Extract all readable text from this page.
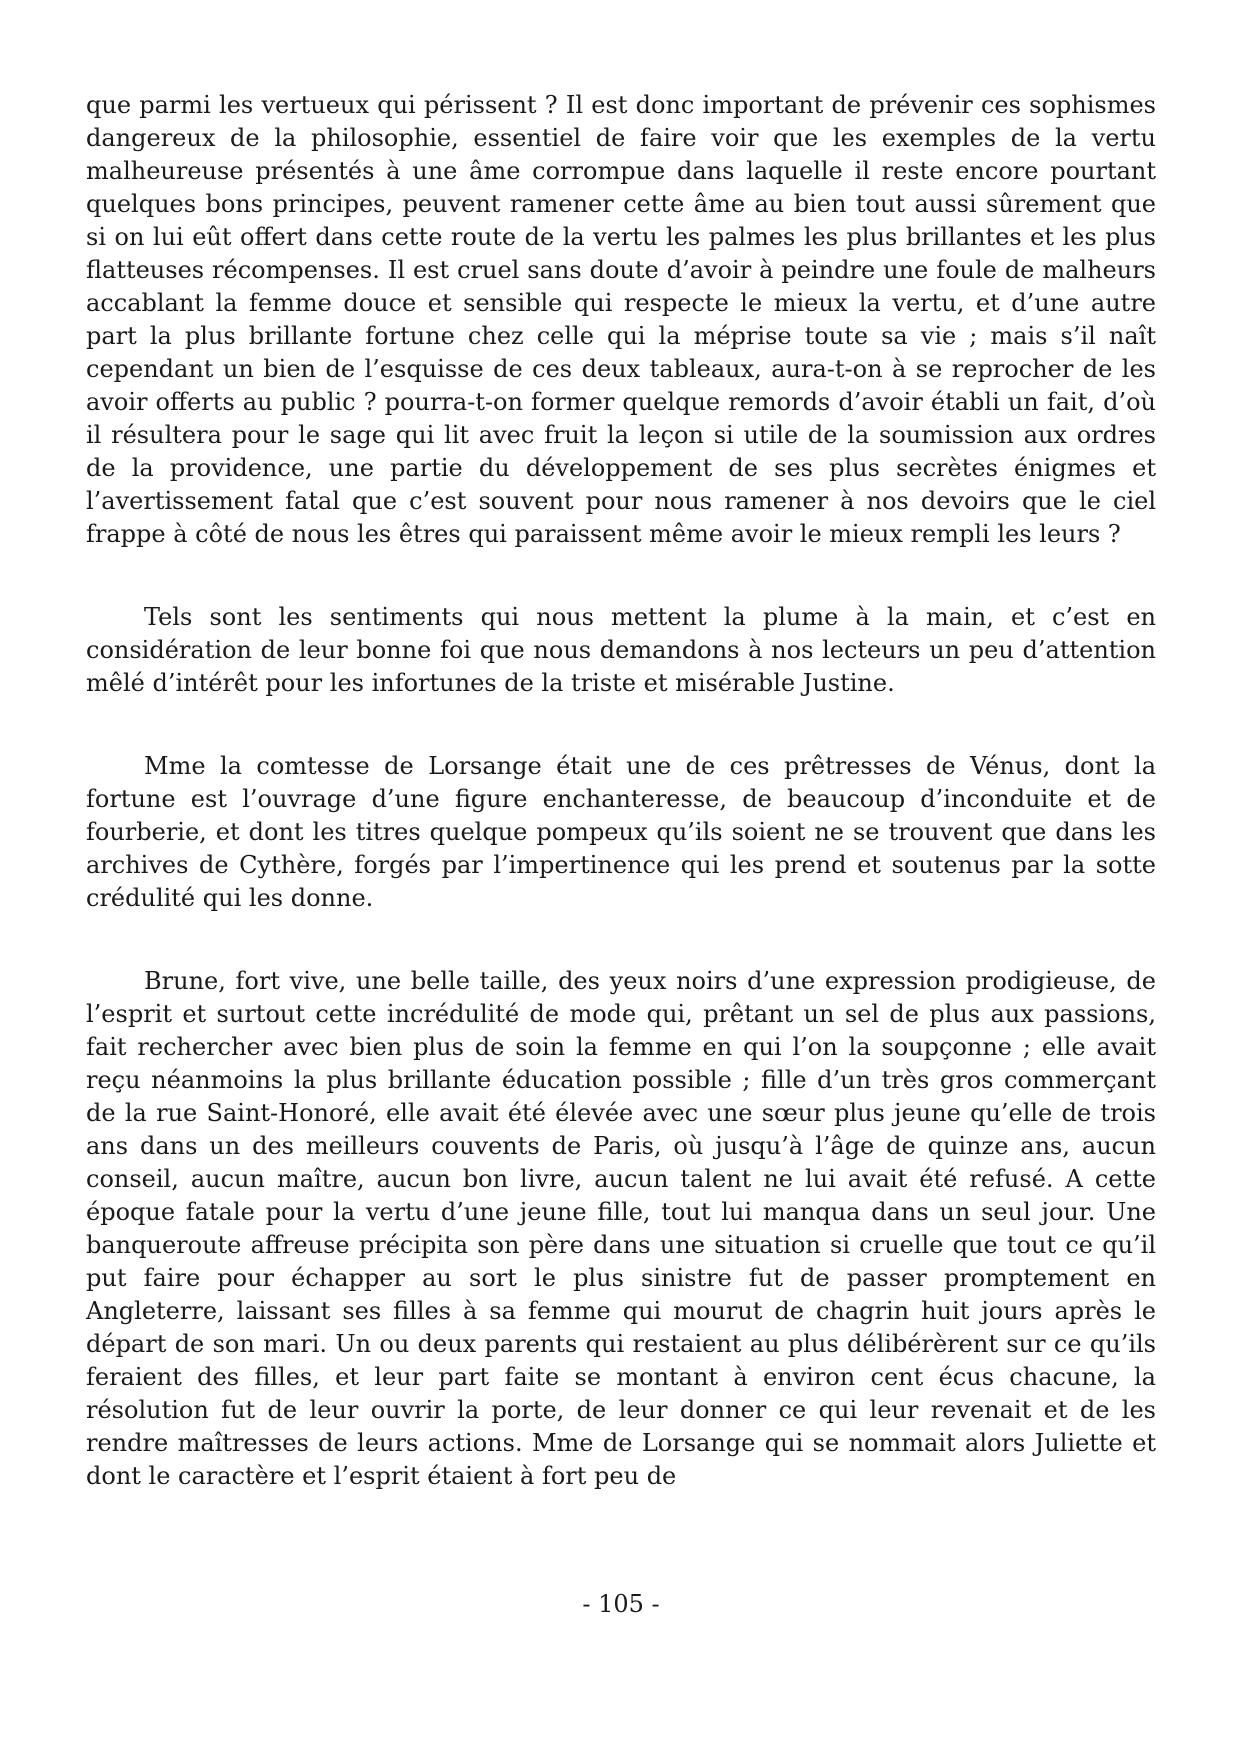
que parmi les vertueux qui périssent ? Il est donc important de prévenir ces sophismes dangereux de la philosophie, essentiel de faire voir que les exemples de la vertu malheureuse présentés à une âme corrompue dans laquelle il reste encore pourtant quelques bons principes, peuvent ramener cette âme au bien tout aussi sûrement que si on lui eût offert dans cette route de la vertu les palmes les plus brillantes et les plus flatteuses récompenses. Il est cruel sans doute d’avoir à peindre une foule de malheurs accablant la femme douce et sensible qui respecte le mieux la vertu, et d’une autre part la plus brillante fortune chez celle qui la méprise toute sa vie ; mais s’il naît cependant un bien de l’esquisse de ces deux tableaux, aura-t-on à se reprocher de les avoir offerts au public ? pourra-t-on former quelque remords d’avoir établi un fait, d’où il résultera pour le sage qui lit avec fruit la leçon si utile de la soumission aux ordres de la providence, une partie du développement de ses plus secrètes énigmes et l’avertissement fatal que c’est souvent pour nous ramener à nos devoirs que le ciel frappe à côté de nous les êtres qui paraissent même avoir le mieux rempli les leurs ?

Tels sont les sentiments qui nous mettent la plume à la main, et c’est en considération de leur bonne foi que nous demandons à nos lecteurs un peu d’attention mêlé d’intérêt pour les infortunes de la triste et misérable Justine.

Mme la comtesse de Lorsange était une de ces prêtresses de Vénus, dont la fortune est l’ouvrage d’une figure enchanteresse, de beaucoup d’inconduite et de fourberie, et dont les titres quelque pompeux qu’ils soient ne se trouvent que dans les archives de Cythère, forgés par l’impertinence qui les prend et soutenus par la sotte crédulité qui les donne.

Brune, fort vive, une belle taille, des yeux noirs d’une expression prodigieuse, de l’esprit et surtout cette incrédulité de mode qui, prêtant un sel de plus aux passions, fait rechercher avec bien plus de soin la femme en qui l’on la soupçonne ; elle avait reçu néanmoins la plus brillante éducation possible ; fille d’un très gros commerçant de la rue Saint-Honoré, elle avait été élevée avec une sœur plus jeune qu’elle de trois ans dans un des meilleurs couvents de Paris, où jusqu’à l’âge de quinze ans, aucun conseil, aucun maître, aucun bon livre, aucun talent ne lui avait été refusé. A cette époque fatale pour la vertu d’une jeune fille, tout lui manqua dans un seul jour. Une banqueroute affreuse précipita son père dans une situation si cruelle que tout ce qu’il put faire pour échapper au sort le plus sinistre fut de passer promptement en Angleterre, laissant ses filles à sa femme qui mourut de chagrin huit jours après le départ de son mari. Un ou deux parents qui restaient au plus délibérèrent sur ce qu’ils feraient des filles, et leur part faite se montant à environ cent écus chacune, la résolution fut de leur ouvrir la porte, de leur donner ce qui leur revenait et de les rendre maîtresses de leurs actions. Mme de Lorsange qui se nommait alors Juliette et dont le caractère et l’esprit étaient à fort peu de

- 105 -
